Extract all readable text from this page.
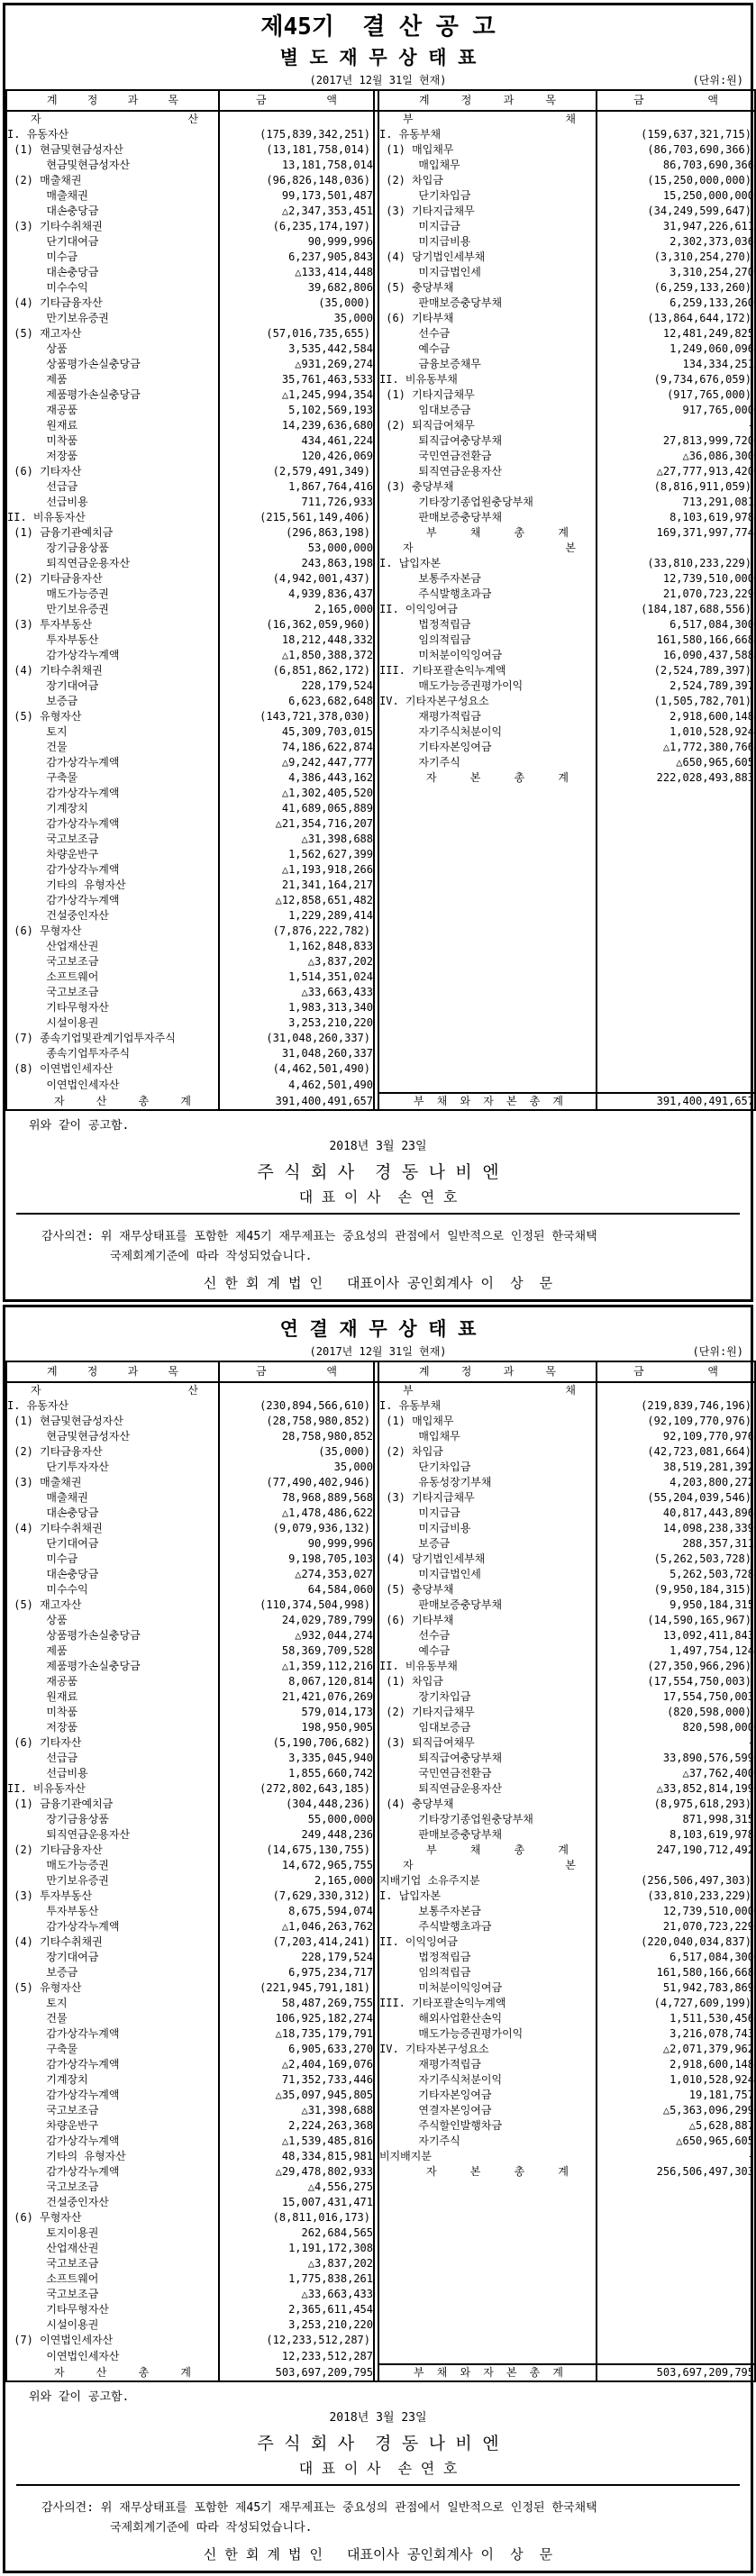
제45기  결 산 공 고
별 도 재 무 상 태 표
(2017년 12월 31일 현재)	(단위:원)
계 정 과 목	금 액		계 정 과 목	금 액

자 산			부 채	

I. 유동자산	(175,839,342,251)		I. 유동부채	(159,637,321,715)
(1) 현금및현금성자산	(13,181,758,014)		(1) 매입채무	(86,703,690,366)
현금및현금성자산	13,181,758,014		매입채무	86,703,690,366
(2) 매출채권	(96,826,148,036)		(2) 차입금	(15,250,000,000)
매출채권	99,173,501,487		단기차입금	15,250,000,000
대손충당금	△2,347,353,451		(3) 기타지급채무	(34,249,599,647)
(3) 기타수취채권	(6,235,174,197)		미지급금	31,947,226,611
단기대여금	90,999,996		미지급비용	2,302,373,036
미수금	6,237,905,843		(4) 당기법인세부채	(3,310,254,270)
대손충당금	△133,414,448		미지급법인세	3,310,254,270
미수수익	39,682,806		(5) 충당부채	(6,259,133,260)
(4) 기타금융자산	(35,000)		판매보증충당부채	6,259,133,260
만기보유증권	35,000		(6) 기타부채	(13,864,644,172)
(5) 재고자산	(57,016,735,655)		선수금	12,481,249,825
상품	3,535,442,584		예수금	1,249,060,096
상품평가손실충당금	△931,269,274		금융보증채무	134,334,251
제품	35,761,463,533		II. 비유동부채	(9,734,676,059)
제품평가손실충당금	△1,245,994,354		(1) 기타지급채무	(917,765,000)
재공품	5,102,569,193		임대보증금	917,765,000
원재료	14,239,636,680		(2) 퇴직급여채무	-
미착품	434,461,224		퇴직급여충당부채	27,813,999,720
저장품	120,426,069		국민연금전환금	△36,086,300
(6) 기타자산	(2,579,491,349)		퇴직연금운용자산	△27,777,913,420
선급금	1,867,764,416		(3) 충당부채	(8,816,911,059)
선급비용	711,726,933		기타장기종업원충당부채	713,291,081
II. 비유동자산	(215,561,149,406)		판매보증충당부채	8,103,619,978
(1) 금융기관예치금	(296,863,198)		부 채 총 계	169,371,997,774
장기금융상품	53,000,000		자 본	

퇴직연금운용자산	243,863,198		I. 납입자본	(33,810,233,229)
(2) 기타금융자산	(4,942,001,437)		보통주자본금	12,739,510,000
매도가능증권	4,939,836,437		주식발행초과금	21,070,723,229
만기보유증권	2,165,000		II. 이익잉여금	(184,187,688,556)
(3) 투자부동산	(16,362,059,960)		법정적립금	6,517,084,300
투자부동산	18,212,448,332		임의적립금	161,580,166,668
감가상각누계액	△1,850,388,372		미처분이익잉여금	16,090,437,588
(4) 기타수취채권	(6,851,862,172)		III. 기타포괄손익누계액	(2,524,789,397)
장기대여금	228,179,524		매도가능증권평가이익	2,524,789,397
보증금	6,623,682,648		IV. 기타자본구성요소	(1,505,782,701)
(5) 유형자산	(143,721,378,030)		재평가적립금	2,918,600,148
토지	45,309,703,015		자기주식처분이익	1,010,528,924
건물	74,186,622,874		기타자본잉여금	△1,772,380,766
감가상각누계액	△9,242,447,777		자기주식	△650,965,605
구축물	4,386,443,162		자 본 총 계	222,028,493,883
감가상각누계액	△1,302,405,520			
기계장치	41,689,065,889			
감가상각누계액	△21,354,716,207			
국고보조금	△31,398,688			
차량운반구	1,562,627,399			
감가상각누계액	△1,193,918,266			
기타의 유형자산	21,341,164,217			
감가상각누계액	△12,858,651,482			
건설중인자산	1,229,289,414			
(6) 무형자산	(7,876,222,782)			
산업재산권	1,162,848,833			
국고보조금	△3,837,202			
소프트웨어	1,514,351,024			
국고보조금	△33,663,433			
기타무형자산	1,983,313,340			
시설이용권	3,253,210,220			
(7) 종속기업및관계기업투자주식	(31,048,260,337)			
종속기업투자주식	31,048,260,337			
(8) 이연법인세자산	(4,462,501,490)			
이연법인세자산	4,462,501,490			

자	산	총	계	391,400,491,657		부 채 와 자 본 총 계	391,400,491,657
위와 같이 공고함.
2018년 3월 23일
주 식 회 사  경 동 나 비 엔
대 표 이 사  손 연 호
감사의견: 위 재무상태표를 포함한 제45기 재무제표는 중요성의 관점에서 일반적으로 인정된 한국채택
국제회계기준에 따라 작성되었습니다.
신 한 회 계 법 인   대표이사 공인회계사 이  상  문
연 결 재 무 상 태 표
(2017년 12월 31일 현재)	(단위:원)
계 정 과 목	금 액		계 정 과 목	금 액

자 산			부 채	

I. 유동자산	(230,894,566,610)		I. 유동부채	(219,839,746,196)
(1) 현금및현금성자산	(28,758,980,852)		(1) 매입채무	(92,109,770,976)
현금및현금성자산	28,758,980,852		매입채무	92,109,770,976
(2) 기타금융자산	(35,000)		(2) 차입금	(42,723,081,664)
단기투자자산	35,000		단기차입금	38,519,281,392
(3) 매출채권	(77,490,402,946)		유동성장기부채	4,203,800,272
매출채권	78,968,889,568		(3) 기타지급채무	(55,204,039,546)
대손충당금	△1,478,486,622		미지급금	40,817,443,896
(4) 기타수취채권	(9,079,936,132)		미지급비용	14,098,238,339
단기대여금	90,999,996		보증금	288,357,311
미수금	9,198,705,103		(4) 당기법인세부채	(5,262,503,728)
대손충당금	△274,353,027		미지급법인세	5,262,503,728
미수수익	64,584,060		(5) 충당부채	(9,950,184,315)
(5) 재고자산	(110,374,504,998)		판매보증충당부채	9,950,184,315
상품	24,029,789,799		(6) 기타부채	(14,590,165,967)
상품평가손실충당금	△932,044,274		선수금	13,092,411,843
제품	58,369,709,528		예수금	1,497,754,124
제품평가손실충당금	△1,359,112,216		II. 비유동부채	(27,350,966,296)
재공품	8,067,120,814		(1) 차입금	(17,554,750,003)
원재료	21,421,076,269		장기차입금	17,554,750,003
미착품	579,014,173		(2) 기타지급채무	(820,598,000)
저장품	198,950,905		임대보증금	820,598,000
(6) 기타자산	(5,190,706,682)		(3) 퇴직급여채무	-
선급금	3,335,045,940		퇴직급여충당부채	33,890,576,599
선급비용	1,855,660,742		국민연금전환금	△37,762,400
II. 비유동자산	(272,802,643,185)		퇴직연금운용자산	△33,852,814,199
(1) 금융기관예치금	(304,448,236)		(4) 충당부채	(8,975,618,293)
장기금융상품	55,000,000		기타장기종업원충당부채	871,998,315
퇴직연금운용자산	249,448,236		판매보증충당부채	8,103,619,978
(2) 기타금융자산	(14,675,130,755)		부 채 총 계	247,190,712,492
매도가능증권	14,672,965,755		자 본	

만기보유증권	2,165,000		지배기업 소유주지분	(256,506,497,303)
(3) 투자부동산	(7,629,330,312)		I. 납입자본	(33,810,233,229)
투자부동산	8,675,594,074		보통주자본금	12,739,510,000
감가상각누계액	△1,046,263,762		주식발행초과금	21,070,723,229
(4) 기타수취채권	(7,203,414,241)		II. 이익잉여금	(220,040,034,837)
장기대여금	228,179,524		법정적립금	6,517,084,300
보증금	6,975,234,717		임의적립금	161,580,166,668
(5) 유형자산	(221,945,791,181)		미처분이익잉여금	51,942,783,869
토지	58,487,269,755		III. 기타포괄손익누계액	(4,727,609,199)
건물	106,925,182,274		해외사업환산손익	1,511,530,456
감가상각누계액	△18,735,179,791		매도가능증권평가이익	3,216,078,743
구축물	6,905,633,270		IV. 기타자본구성요소	△2,071,379,962
감가상각누계액	△2,404,169,076		재평가적립금	2,918,600,148
기계장치	71,352,733,446		자기주식처분이익	1,010,528,924
감가상각누계액	△35,097,945,805		기타자본잉여금	19,181,757
국고보조금	△31,398,688		연결자본잉여금	△5,363,096,299
차량운반구	2,224,263,368		주식할인발행차금	△5,628,887
감가상각누계액	△1,539,485,816		자기주식	△650,965,605
기타의 유형자산	48,334,815,981		비지배지분	-
감가상각누계액	△29,478,802,933		자 본 총 계	256,506,497,303
국고보조금	△4,556,275			
건설중인자산	15,007,431,471			
(6) 무형자산	(8,811,016,173)			
토지이용권	262,684,565			
산업재산권	1,191,172,308			
국고보조금	△3,837,202			
소프트웨어	1,775,838,261			
국고보조금	△33,663,433			
기타무형자산	2,365,611,454			
시설이용권	3,253,210,220			
(7) 이연법인세자산	(12,233,512,287)			
이연법인세자산	12,233,512,287			

자	산	총	계	503,697,209,795		부 채 와 자 본 총 계	503,697,209,795
위와 같이 공고함.
2018년 3월 23일
주 식 회 사  경 동 나 비 엔
대 표 이 사  손 연 호
감사의견: 위 재무상태표를 포함한 제45기 재무제표는 중요성의 관점에서 일반적으로 인정된 한국채택
국제회계기준에 따라 작성되었습니다.
신 한 회 계 법 인   대표이사 공인회계사 이  상  문
